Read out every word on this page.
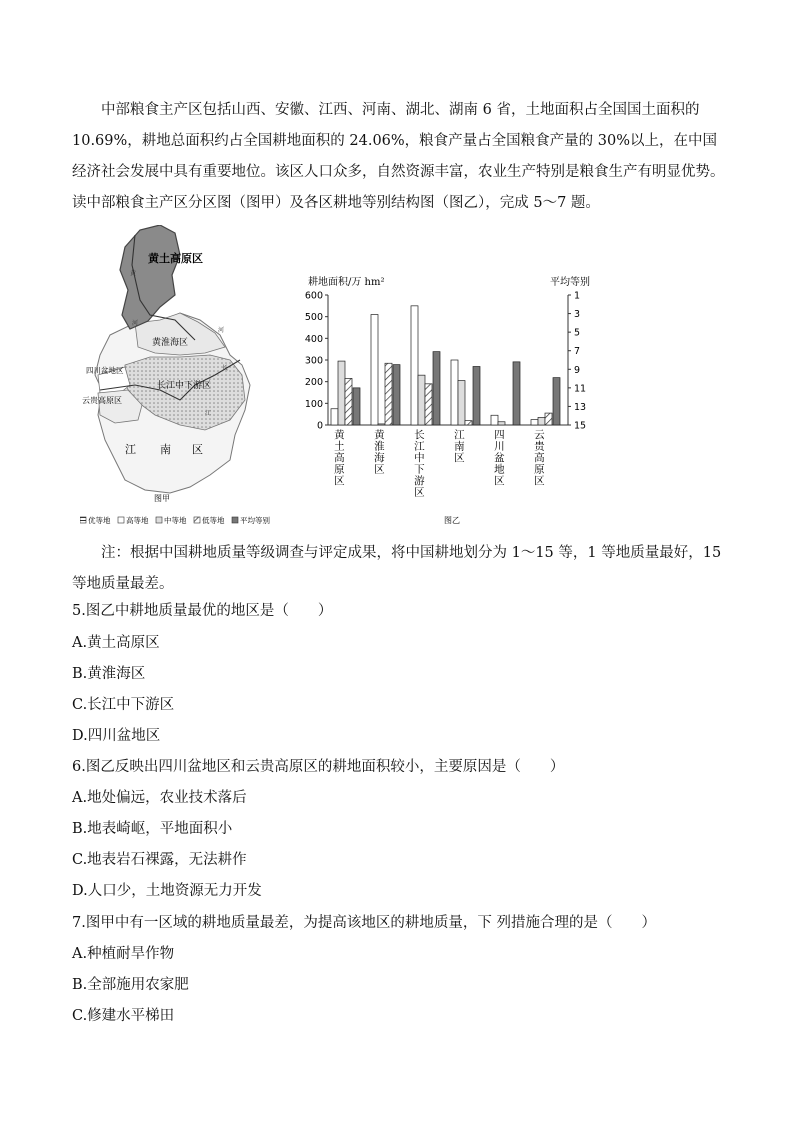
中部粮食主产区包括山西、安徽、江西、河南、湖北、湖南 6 省，土地面积占全国国土面积的 10.69%，耕地总面积约占全国耕地面积的 24.06%，粮食产量占全国粮食产量的 30%以上，在中国经济社会发展中具有重要地位。该区人口众多，自然资源丰富，农业生产特别是粮食生产有明显优势。读中部粮食主产区分区图（图甲）及各区耕地等别结构图（图乙），完成 5～7 题。
黄土高原区
黄淮海区
长江中下游区
四川盆地区
云贵高原区
江 南 区
黄
河
河
江
长
图甲
优等地 高等地 中等地 低等地 平均等别
耕地面积/万 hm²	平均等别
600
500
400
300
200
100
0
1
3
5
7
9
11
13
15
黄
土
高
原
区
黄
淮
海
区
长
江
中
下
游
区
江
南
区
四
川
盆
地
区
云
贵
高
原
区
图乙
注：根据中国耕地质量等级调查与评定成果，将中国耕地划分为 1～15 等，1 等地质量最好，15 等地质量最差。
5.图乙中耕地质量最优的地区是（　　）
A.黄土高原区
B.黄淮海区
C.长江中下游区
D.四川盆地区
6.图乙反映出四川盆地区和云贵高原区的耕地面积较小，主要原因是（　　）
A.地处偏远，农业技术落后
B.地表崎岖，平地面积小
C.地表岩石裸露，无法耕作
D.人口少，土地资源无力开发
7.图甲中有一区域的耕地质量最差，为提高该地区的耕地质量，下 列措施合理的是（　　）
A.种植耐旱作物
B.全部施用农家肥
C.修建水平梯田
